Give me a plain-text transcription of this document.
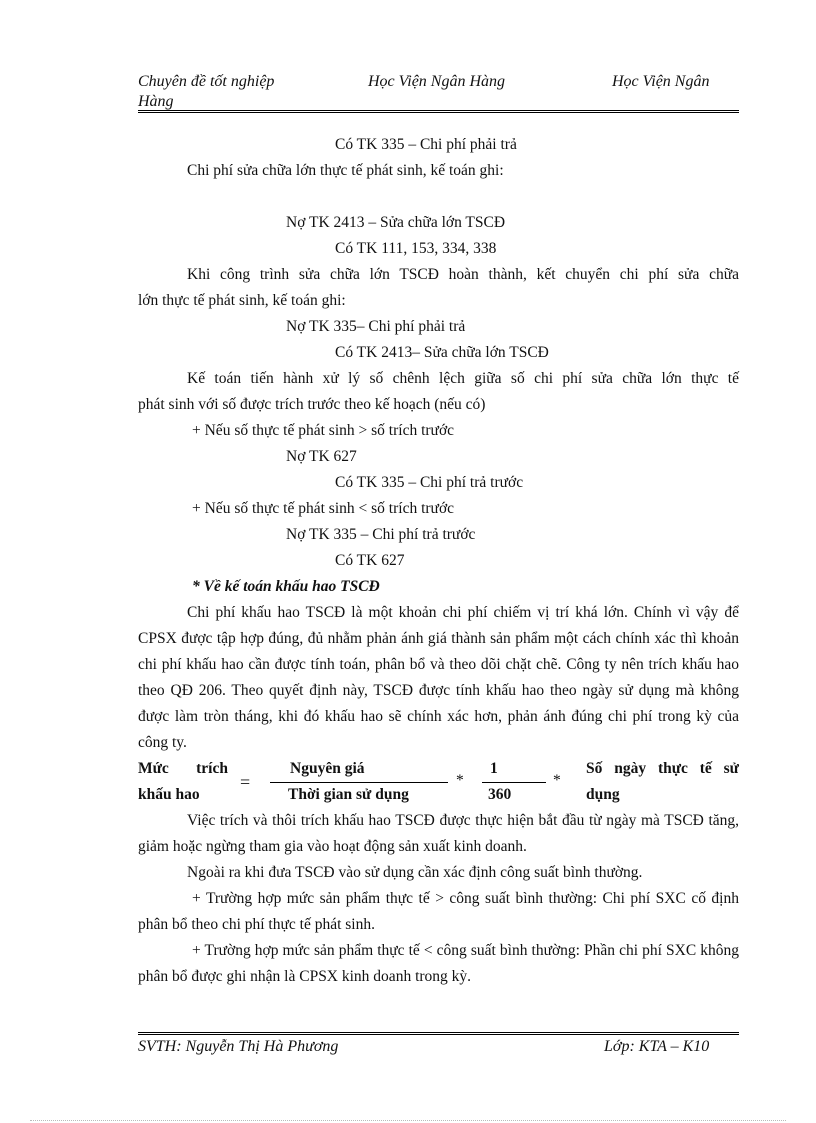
Chuyên đề tốt nghiệp
Hàng
Học Viện Ngân Hàng	Học Viện Ngân
Có TK 335 – Chi phí phải trả
Chi phí sửa chữa lớn thực tế phát sinh, kế toán ghi:
Nợ TK 2413 – Sửa chữa lớn TSCĐ
Có TK 111, 153, 334, 338
Khi công trình sửa chữa lớn TSCĐ hoàn thành, kết chuyển chi phí sửa chữa
lớn thực tế phát sinh, kế toán ghi:
Nợ TK 335– Chi phí phải trả
Có TK 2413– Sửa chữa lớn TSCĐ
Kế toán tiến hành xử lý số chênh lệch giữa số chi phí sửa chữa lớn thực tế
phát sinh với số được trích trước theo kế hoạch (nếu có)
+ Nếu số thực tế phát sinh > số trích trước
Nợ TK 627
Có TK 335 – Chi phí trả trước
+ Nếu số thực tế phát sinh < số trích trước
Nợ TK 335 – Chi phí trả trước
Có TK 627
* Về kế toán khấu hao TSCĐ
Chi phí khấu hao TSCĐ là một khoản chi phí chiếm vị trí khá lớn. Chính vì vậy để CPSX được tập hợp đúng, đủ nhằm phản ánh giá thành sản phẩm một cách chính xác thì khoản chi phí khấu hao cần được tính toán, phân bổ và theo dõi chặt chẽ. Công ty nên trích khấu hao theo QĐ 206. Theo quyết định này, TSCĐ được tính khấu hao theo ngày sử dụng mà không được làm tròn tháng, khi đó khấu hao sẽ chính xác hơn, phản ánh đúng chi phí trong kỳ của công ty.
Mức trích
khấu hao
=
Nguyên giá
Thời gian sử dụng
*
1
360
*
Số ngày thực tế sử
dụng
Việc trích và thôi trích khấu hao TSCĐ được thực hiện bắt đầu từ ngày mà TSCĐ tăng, giảm hoặc ngừng tham gia vào hoạt động sản xuất kinh doanh.
Ngoài ra khi đưa TSCĐ vào sử dụng cần xác định công suất bình thường.
+ Trường hợp mức sản phẩm thực tế > công suất bình thường: Chi phí SXC cố định phân bổ theo chi phí thực tế phát sinh.
+ Trường hợp mức sản phẩm thực tế < công suất bình thường: Phần chi phí SXC không phân bổ được ghi nhận là CPSX kinh doanh trong kỳ.
SVTH: Nguyễn Thị Hà Phương	Lớp: KTA – K10
